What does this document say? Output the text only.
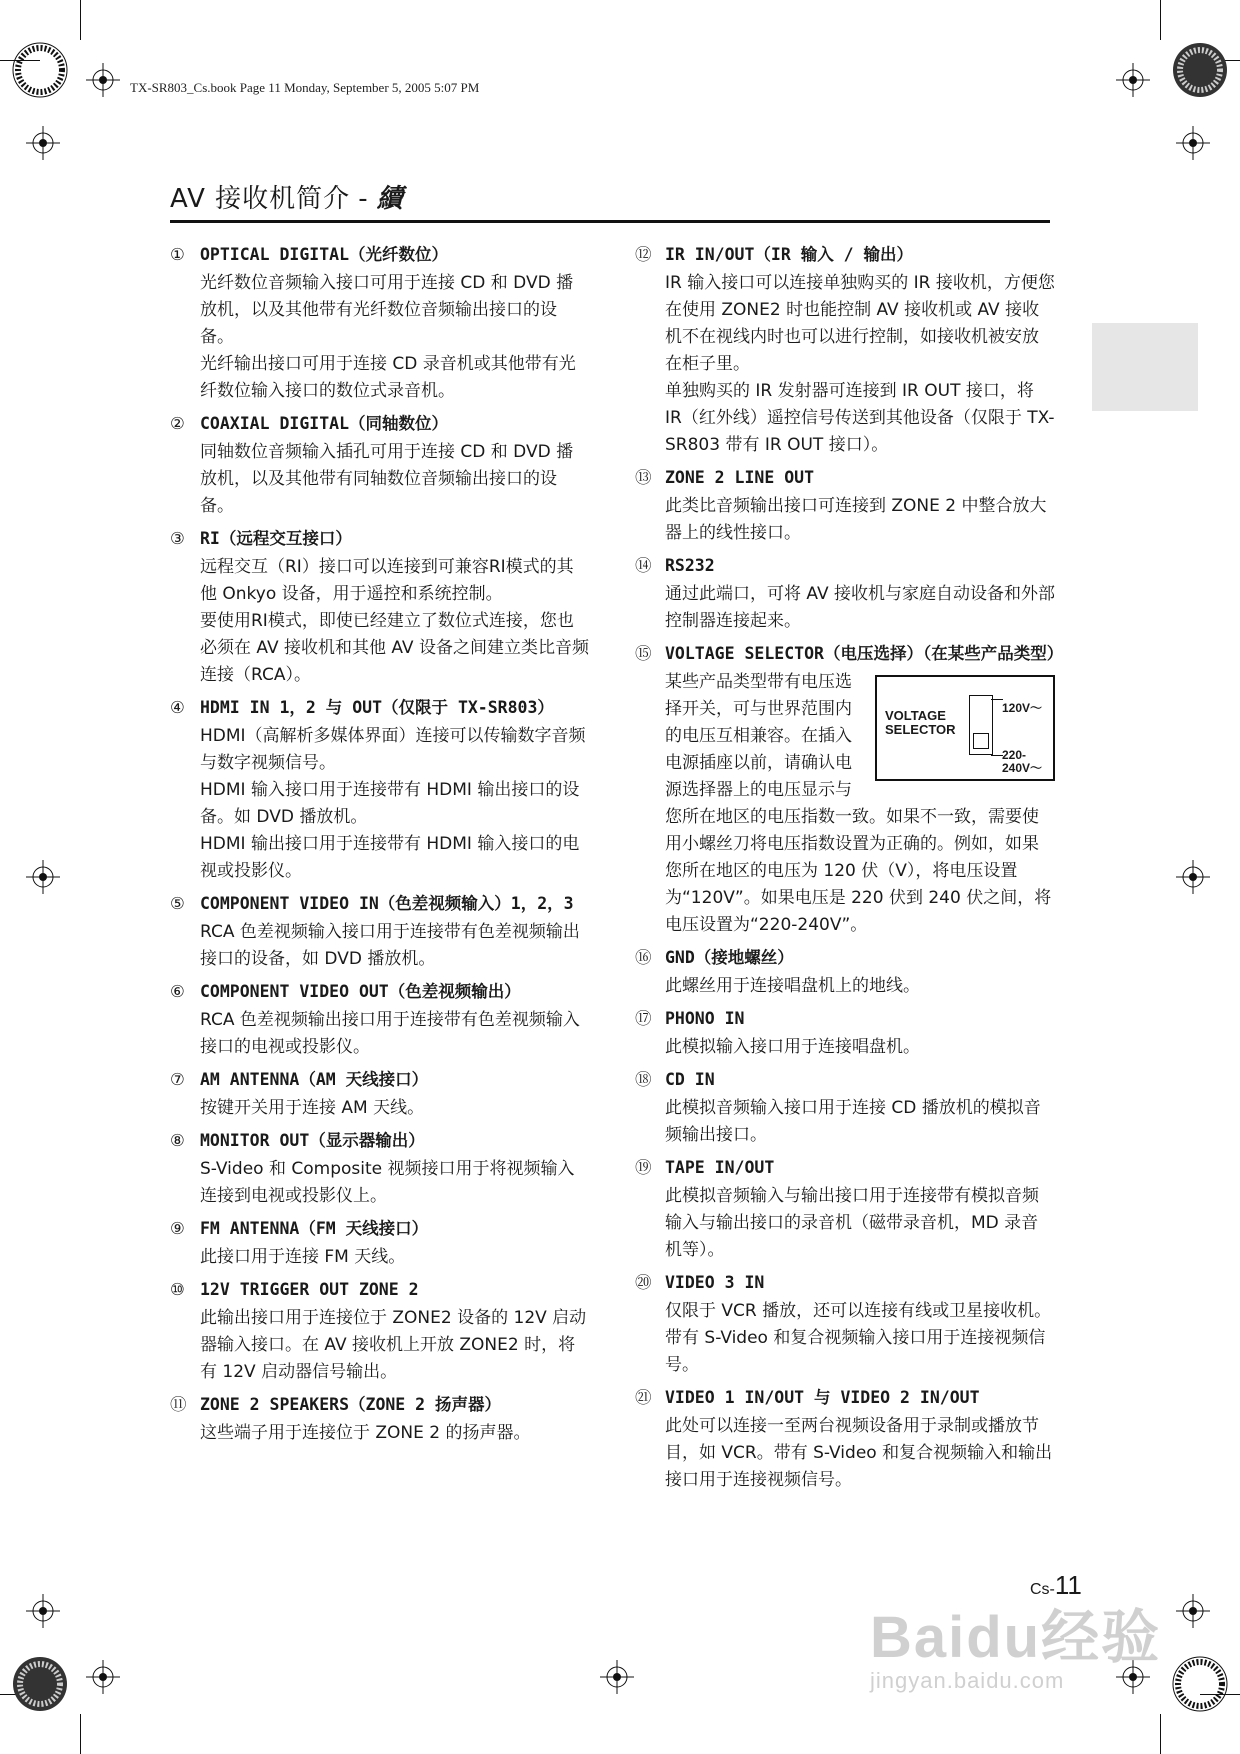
TX-SR803_Cs.book Page 11 Monday, September 5, 2005 5:07 PM
AV 接收机简介 - 續
① OPTICAL DIGITAL（光纤数位）

光纤数位音频输入接口可用于连接 CD 和 DVD 播放机，以及其他带有光纤数位音频输出接口的设备。

光纤输出接口可用于连接 CD 录音机或其他带有光纤数位输入接口的数位式录音机。

② COAXIAL DIGITAL（同轴数位）

同轴数位音频输入插孔可用于连接 CD 和 DVD 播放机，以及其他带有同轴数位音频输出接口的设备。

③ RI（远程交互接口）

远程交互（RI）接口可以连接到可兼容RI模式的其他 Onkyo 设备，用于遥控和系统控制。

要使用RI模式，即使已经建立了数位式连接，您也必须在 AV 接收机和其他 AV 设备之间建立类比音频连接（RCA）。

④ HDMI IN 1，2 与 OUT（仅限于 TX-SR803）

HDMI（高解析多媒体界面）连接可以传输数字音频与数字视频信号。

HDMI 输入接口用于连接带有 HDMI 输出接口的设备。如 DVD 播放机。

HDMI 输出接口用于连接带有 HDMI 输入接口的电视或投影仪。

⑤ COMPONENT VIDEO IN（色差视频输入）1，2，3

RCA 色差视频输入接口用于连接带有色差视频输出接口的设备，如 DVD 播放机。

⑥ COMPONENT VIDEO OUT（色差视频输出）

RCA 色差视频输出接口用于连接带有色差视频输入接口的电视或投影仪。

⑦ AM ANTENNA（AM 天线接口）

按键开关用于连接 AM 天线。

⑧ MONITOR OUT（显示器输出）

S-Video 和 Composite 视频接口用于将视频输入连接到电视或投影仪上。

⑨ FM ANTENNA（FM 天线接口）

此接口用于连接 FM 天线。

⑩ 12V TRIGGER OUT ZONE 2

此输出接口用于连接位于 ZONE2 设备的 12V 启动器输入接口。在 AV 接收机上开放 ZONE2 时，将有 12V 启动器信号输出。

⑪ ZONE 2 SPEAKERS（ZONE 2 扬声器）

这些端子用于连接位于 ZONE 2 的扬声器。

⑫ IR IN/OUT（IR 输入 / 输出）

IR 输入接口可以连接单独购买的 IR 接收机，方便您在使用 ZONE2 时也能控制 AV 接收机或 AV 接收机不在视线内时也可以进行控制，如接收机被安放在柜子里。

单独购买的 IR 发射器可连接到 IR OUT 接口，将 IR（红外线）遥控信号传送到其他设备（仅限于 TX-SR803 带有 IR OUT 接口）。

⑬ ZONE 2 LINE OUT

此类比音频输出接口可连接到 ZONE 2 中整合放大器上的线性接口。

⑭ RS232

通过此端口，可将 AV 接收机与家庭自动设备和外部控制器连接起来。

⑮ VOLTAGE SELECTOR（电压选择）（在某些产品类型）
VOLTAGE
SELECTOR
120V～
220-
240V～

某些产品类型带有电压选择开关，可与世界范围内的电压互相兼容。在插入电源插座以前，请确认电源选择器上的电压显示与您所在地区的电压指数一致。如果不一致，需要使用小螺丝刀将电压指数设置为正确的。例如，如果您所在地区的电压为 120 伏（V），将电压设置为“120V”。如果电压是 220 伏到 240 伏之间，将电压设置为“220-240V”。

⑯ GND（接地螺丝）

此螺丝用于连接唱盘机上的地线。

⑰ PHONO IN

此模拟输入接口用于连接唱盘机。

⑱ CD IN

此模拟音频输入接口用于连接 CD 播放机的模拟音频输出接口。

⑲ TAPE IN/OUT

此模拟音频输入与输出接口用于连接带有模拟音频输入与输出接口的录音机（磁带录音机，MD 录音机等）。

⑳ VIDEO 3 IN

仅限于 VCR 播放，还可以连接有线或卫星接收机。带有 S-Video 和复合视频输入接口用于连接视频信号。

㉑ VIDEO 1 IN/OUT 与 VIDEO 2 IN/OUT

此处可以连接一至两台视频设备用于录制或播放节目，如 VCR。带有 S-Video 和复合视频输入和输出接口用于连接视频信号。

Cs-11
Baidu经验
jingyan.baidu.com
